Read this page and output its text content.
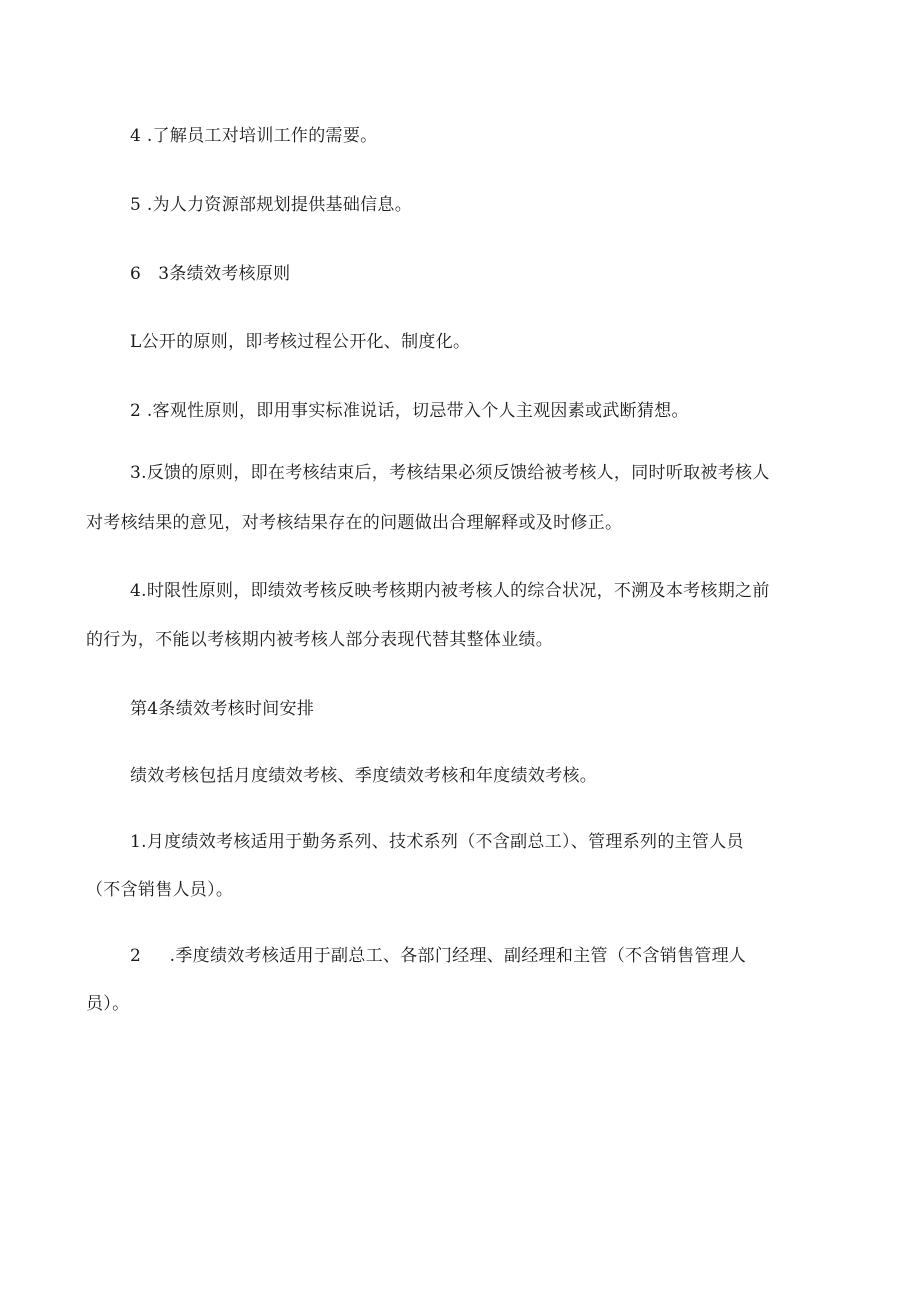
4 .了解员工对培训工作的需要。
5 .为人力资源部规划提供基础信息。
6   3条绩效考核原则
L公开的原则，即考核过程公开化、制度化。
2 .客观性原则，即用事实标准说话，切忌带入个人主观因素或武断猜想。
3.反馈的原则，即在考核结束后，考核结果必须反馈给被考核人，同时听取被考核人
对考核结果的意见，对考核结果存在的问题做出合理解释或及时修正。
4.时限性原则，即绩效考核反映考核期内被考核人的综合状况，不溯及本考核期之前
的行为，不能以考核期内被考核人部分表现代替其整体业绩。
第4条绩效考核时间安排
绩效考核包括月度绩效考核、季度绩效考核和年度绩效考核。
1.月度绩效考核适用于勤务系列、技术系列（不含副总工）、管理系列的主管人员
（不含销售人员）。
2     .季度绩效考核适用于副总工、各部门经理、副经理和主管（不含销售管理人
员）。
